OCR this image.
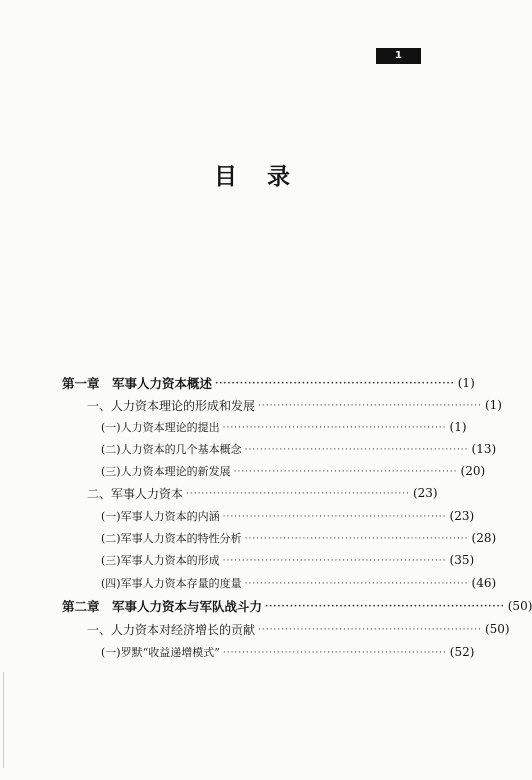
1
目 录
第一章　军事人力资本概述 ·························································· (1)
一、人力资本理论的形成和发展 ·························································· (1)
(一)人力资本理论的提出 ·························································· (1)
(二)人力资本的几个基本概念 ·························································· (13)
(三)人力资本理论的新发展 ·························································· (20)
二、军事人力资本 ·························································· (23)
(一)军事人力资本的内涵 ·························································· (23)
(二)军事人力资本的特性分析 ·························································· (28)
(三)军事人力资本的形成 ·························································· (35)
(四)军事人力资本存量的度量 ·························································· (46)
第二章　军事人力资本与军队战斗力 ·························································· (50)
一、人力资本对经济增长的贡献 ·························································· (50)
(一)罗默“收益递增模式” ·························································· (52)
